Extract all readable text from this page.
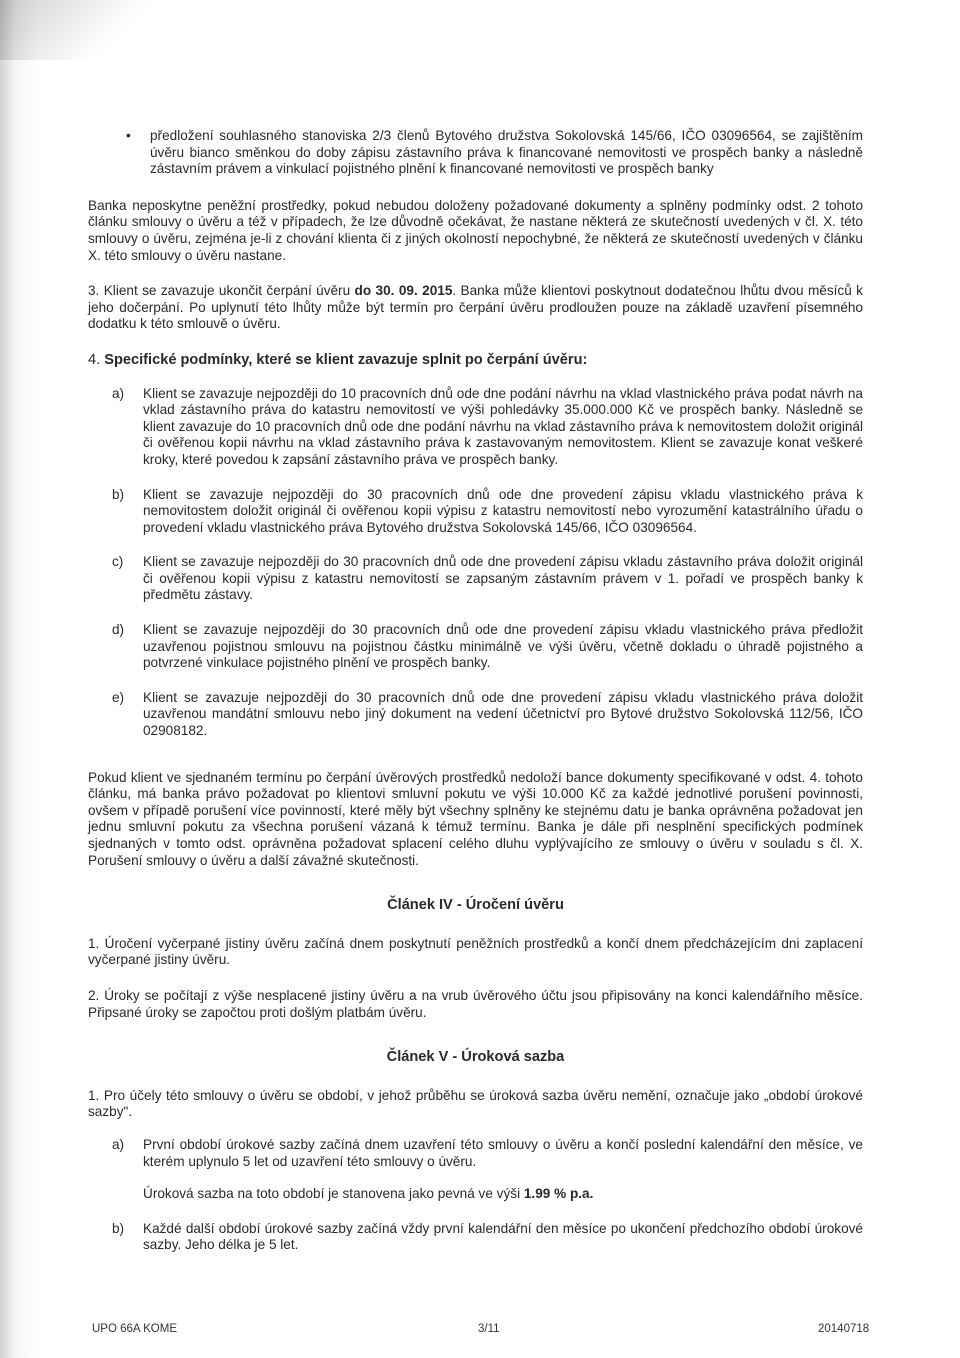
• předložení souhlasného stanoviska 2/3 členů Bytového družstva Sokolovská 145/66, IČO 03096564, se zajištěním úvěru bianco směnkou do doby zápisu zástavního práva k financované nemovitosti ve prospěch banky a následně zástavním právem a vinkulací pojistného plnění k financované nemovitosti ve prospěch banky

Banka neposkytne peněžní prostředky, pokud nebudou doloženy požadované dokumenty a splněny podmínky odst. 2 tohoto článku smlouvy o úvěru a též v případech, že lze důvodně očekávat, že nastane některá ze skutečností uvedených v čl. X. této smlouvy o úvěru, zejména je-li z chování klienta či z jiných okolností nepochybné, že některá ze skutečností uvedených v článku X. této smlouvy o úvěru nastane.

3. Klient se zavazuje ukončit čerpání úvěru do 30. 09. 2015. Banka může klientovi poskytnout dodatečnou lhůtu dvou měsíců k jeho dočerpání. Po uplynutí této lhůty může být termín pro čerpání úvěru prodloužen pouze na základě uzavření písemného dodatku k této smlouvě o úvěru.

4. Specifické podmínky, které se klient zavazuje splnit po čerpání úvěru:

a) Klient se zavazuje nejpozději do 10 pracovních dnů ode dne podání návrhu na vklad vlastnického práva podat návrh na vklad zástavního práva do katastru nemovitostí ve výši pohledávky 35.000.000 Kč ve prospěch banky. Následně se klient zavazuje do 10 pracovních dnů ode dne podání návrhu na vklad zástavního práva k nemovitostem doložit originál či ověřenou kopii návrhu na vklad zástavního práva k zastavovaným nemovitostem. Klient se zavazuje konat veškeré kroky, které povedou k zapsání zástavního práva ve prospěch banky.

b) Klient se zavazuje nejpozději do 30 pracovních dnů ode dne provedení zápisu vkladu vlastnického práva k nemovitostem doložit originál či ověřenou kopii výpisu z katastru nemovitostí nebo vyrozumění katastrálního úřadu o provedení vkladu vlastnického práva Bytového družstva Sokolovská 145/66, IČO 03096564.

c) Klient se zavazuje nejpozději do 30 pracovních dnů ode dne provedení zápisu vkladu zástavního práva doložit originál či ověřenou kopii výpisu z katastru nemovitostí se zapsaným zástavním právem v 1. pořadí ve prospěch banky k předmětu zástavy.

d) Klient se zavazuje nejpozději do 30 pracovních dnů ode dne provedení zápisu vkladu vlastnického práva předložit uzavřenou pojistnou smlouvu na pojistnou částku minimálně ve výši úvěru, včetně dokladu o úhradě pojistného a potvrzené vinkulace pojistného plnění ve prospěch banky.

e) Klient se zavazuje nejpozději do 30 pracovních dnů ode dne provedení zápisu vkladu vlastnického práva doložit uzavřenou mandátní smlouvu nebo jiný dokument na vedení účetnictví pro Bytové družstvo Sokolovská 112/56, IČO 02908182.

Pokud klient ve sjednaném termínu po čerpání úvěrových prostředků nedoloží bance dokumenty specifikované v odst. 4. tohoto článku, má banka právo požadovat po klientovi smluvní pokutu ve výši 10.000 Kč za každé jednotlivé porušení povinnosti, ovšem v případě porušení více povinností, které měly být všechny splněny ke stejnému datu je banka oprávněna požadovat jen jednu smluvní pokutu za všechna porušení vázaná k témuž termínu. Banka je dále při nesplnění specifických podmínek sjednaných v tomto odst. oprávněna požadovat splacení celého dluhu vyplývajícího ze smlouvy o úvěru v souladu s čl. X. Porušení smlouvy o úvěru a další závažné skutečnosti.

Článek IV - Úročení úvěru

1. Úročení vyčerpané jistiny úvěru začíná dnem poskytnutí peněžních prostředků a končí dnem předcházejícím dni zaplacení vyčerpané jistiny úvěru.

2. Úroky se počítají z výše nesplacené jistiny úvěru a na vrub úvěrového účtu jsou připisovány na konci kalendářního měsíce. Připsané úroky se započtou proti došlým platbám úvěru.

Článek V - Úroková sazba

1. Pro účely této smlouvy o úvěru se období, v jehož průběhu se úroková sazba úvěru nemění, označuje jako „období úrokové sazby".

a) První období úrokové sazby začíná dnem uzavření této smlouvy o úvěru a končí poslední kalendářní den měsíce, ve kterém uplynulo 5 let od uzavření této smlouvy o úvěru.

Úroková sazba na toto období je stanovena jako pevná ve výši 1.99 % p.a.

b) Každé další období úrokové sazby začíná vždy první kalendářní den měsíce po ukončení předchozího období úrokové sazby. Jeho délka je 5 let.

UPO 66A KOME	3/11	20140718
